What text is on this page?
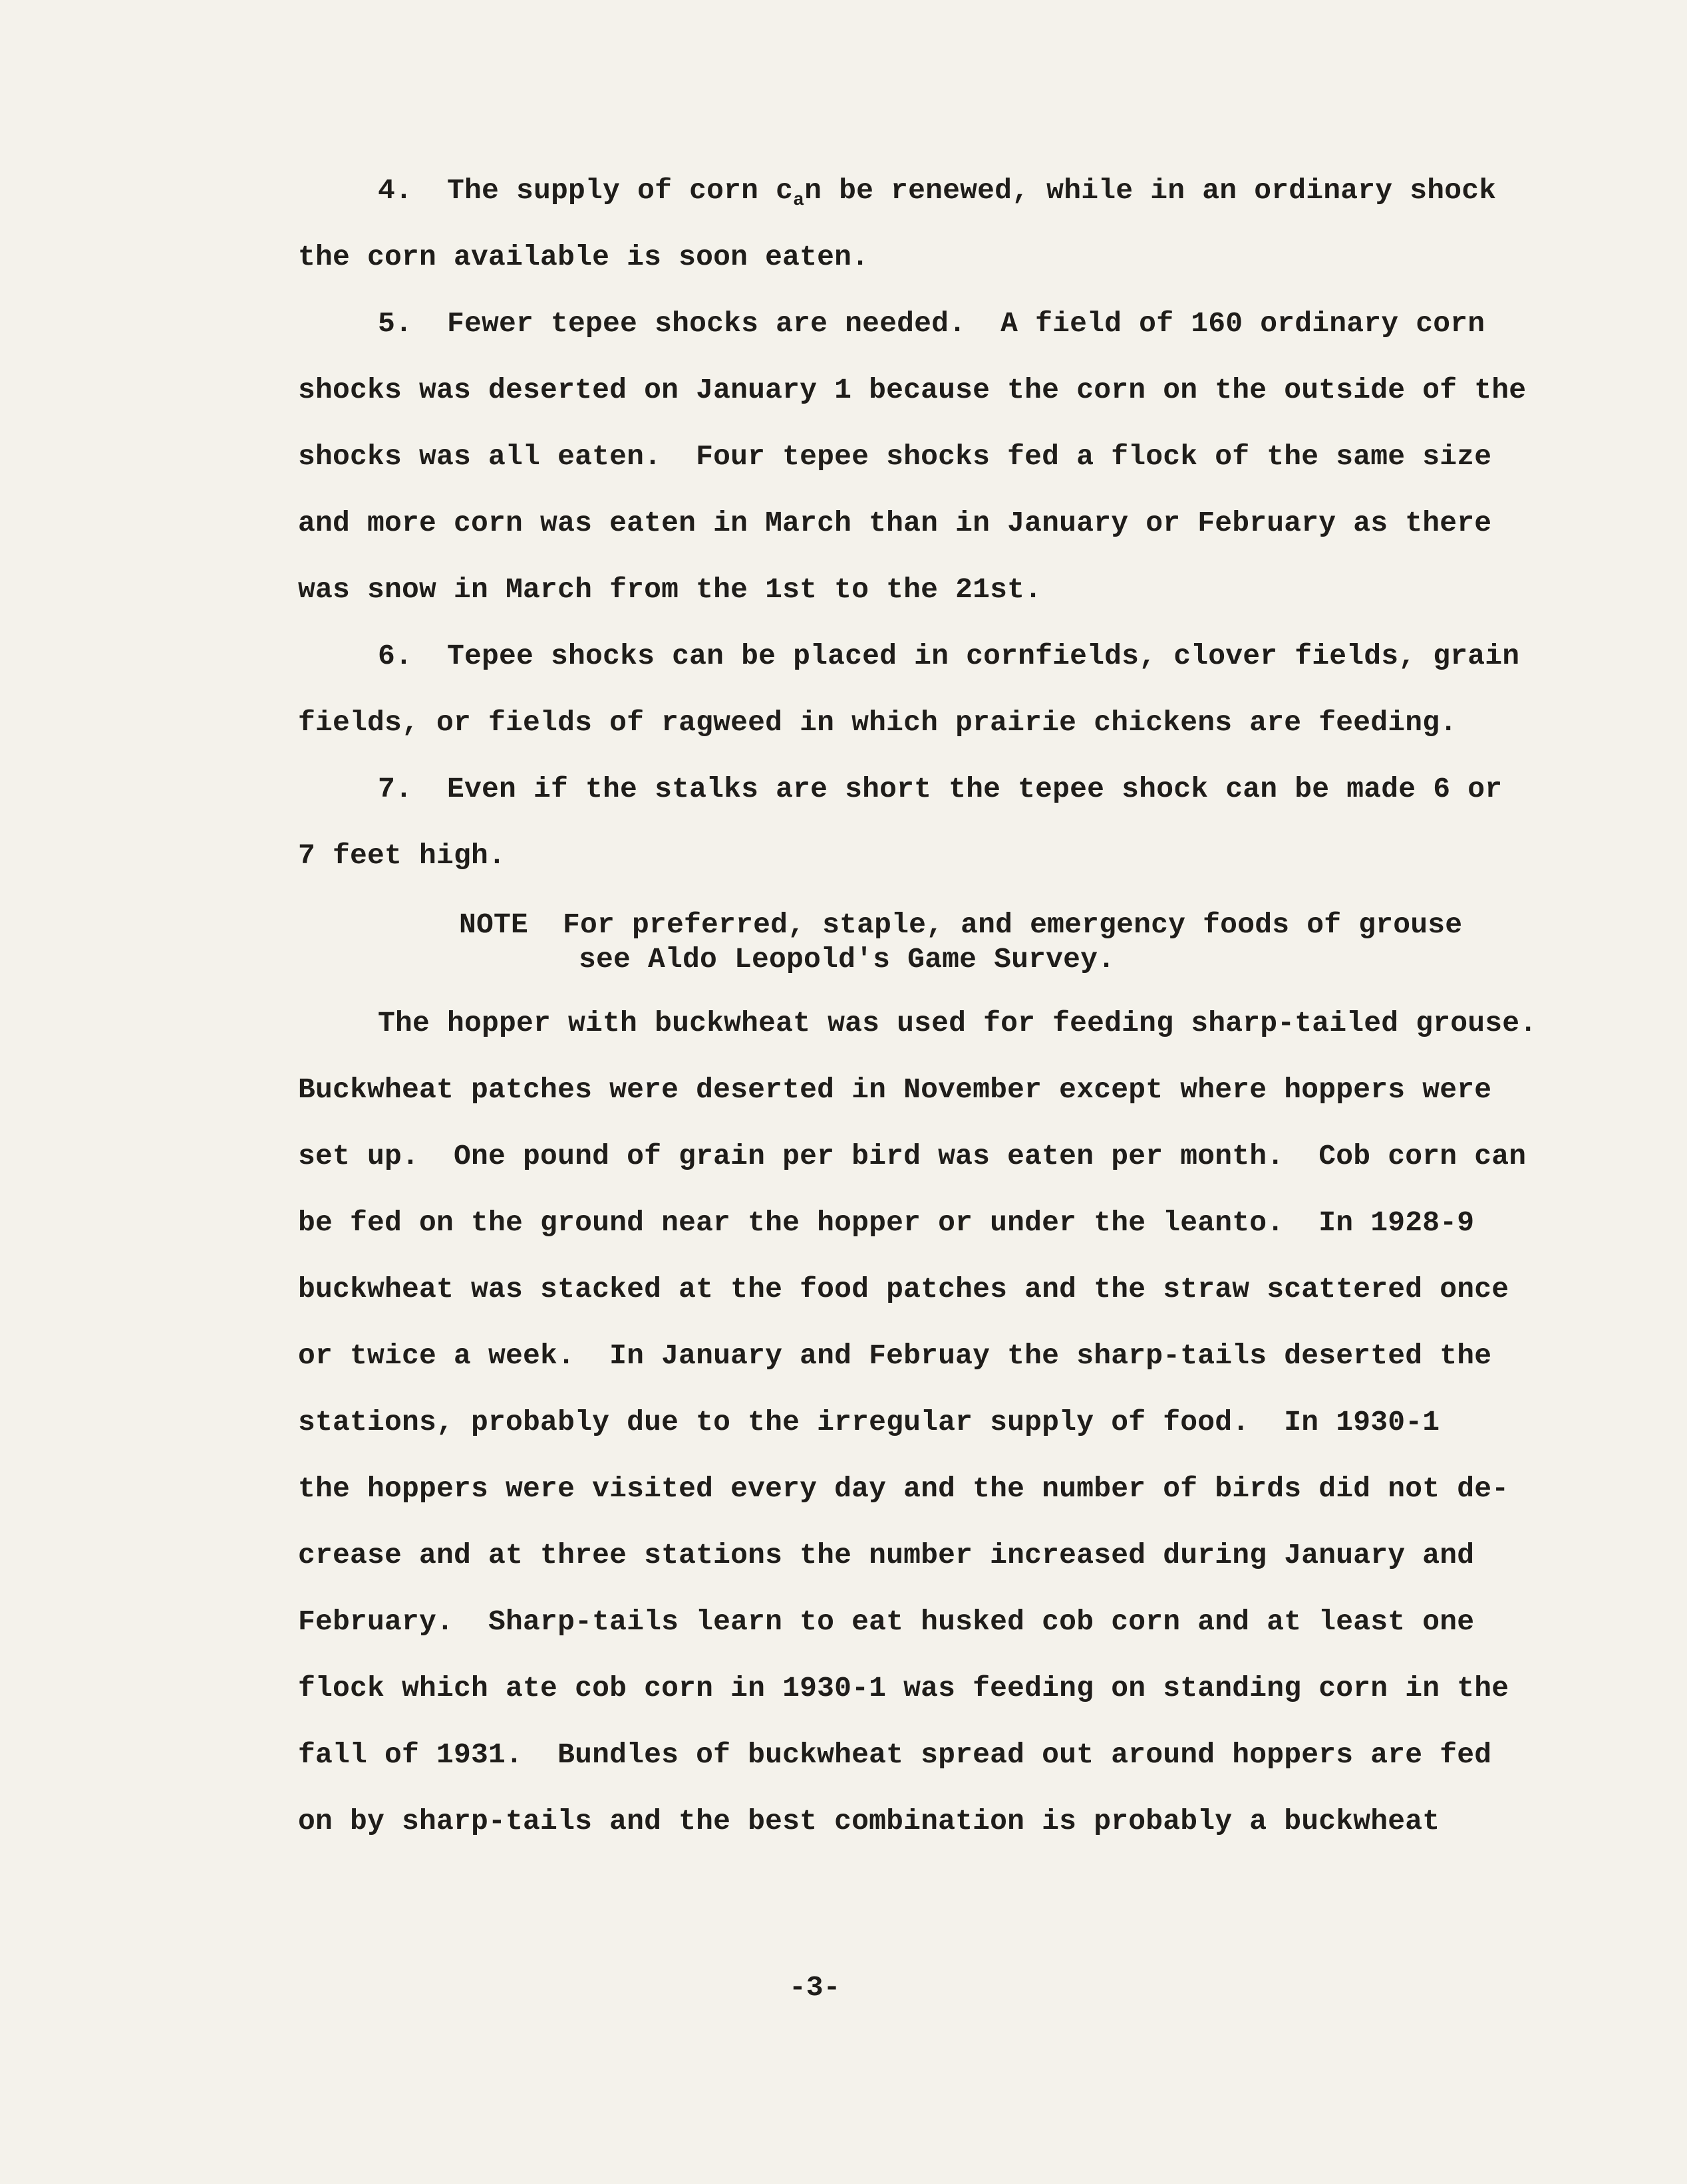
4.  The supply of corn $c_an$ be renewed, while in an ordinary shock
the corn available is soon eaten.
5.  Fewer tepee shocks are needed.  A field of 160 ordinary corn
shocks was deserted on January 1 because the corn on the outside of the
shocks was all eaten.  Four tepee shocks fed a flock of the same size
and more corn was eaten in March than in January or February as there
was snow in March from the 1st to the 21st.
6.  Tepee shocks can be placed in cornfields, clover fields, grain
fields, or fields of ragweed in which prairie chickens are feeding.
7.  Even if the stalks are short the tepee shock can be made 6 or
7 feet high.
NOTE  For preferred, staple, and emergency foods of grouse
see Aldo Leopold's Game Survey.
The hopper with buckwheat was used for feeding sharp-tailed grouse.
Buckwheat patches were deserted in November except where hoppers were
set up.  One pound of grain per bird was eaten per month.  Cob corn can
be fed on the ground near the hopper or under the leanto.  In 1928-9
buckwheat was stacked at the food patches and the straw scattered once
or twice a week.  In January and Februay the sharp-tails deserted the
stations, probably due to the irregular supply of food.  In 1930-1
the hoppers were visited every day and the number of birds did not de-
crease and at three stations the number increased during January and
February.  Sharp-tails learn to eat husked cob corn and at least one
flock which ate cob corn in 1930-1 was feeding on standing corn in the
fall of 1931.  Bundles of buckwheat spread out around hoppers are fed
on by sharp-tails and the best combination is probably a buckwheat
-3-
